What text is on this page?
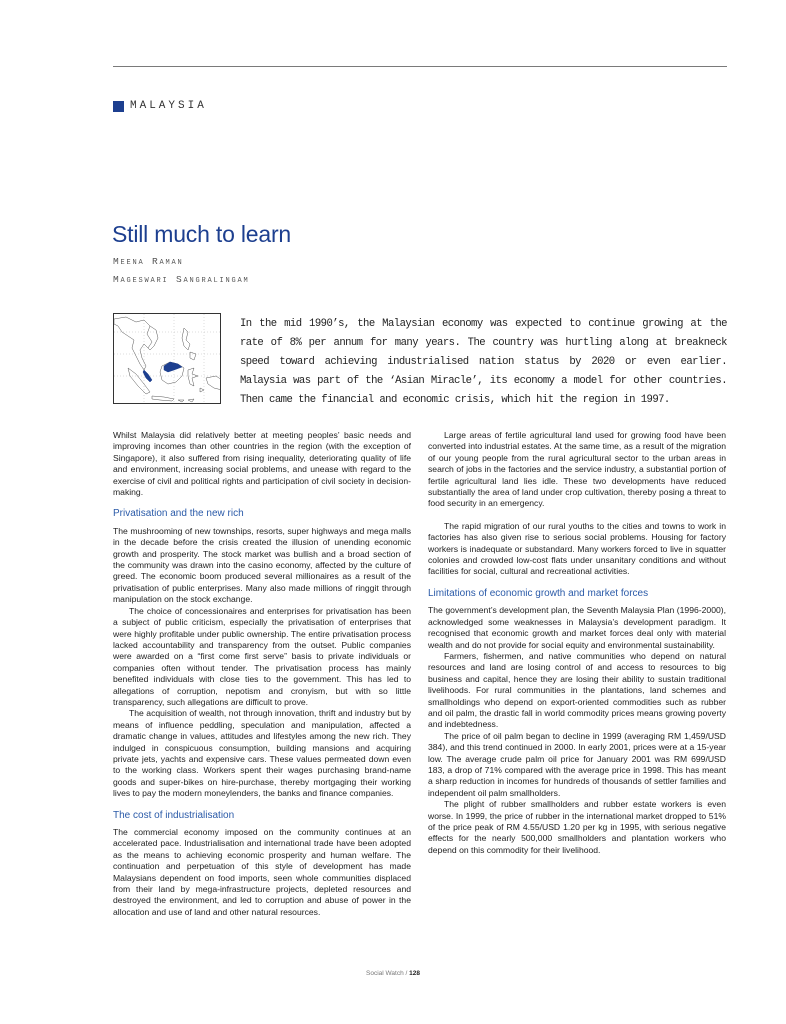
MALAYSIA
Still much to learn
Meena Raman
Mageswari Sangralingam

In the mid 1990’s, the Malaysian economy was expected to continue growing at the rate of 8% per annum for many years. The country was hurtling along at breakneck speed toward achieving industrialised nation status by 2020 or even earlier. Malaysia was part of the ‘Asian Miracle’, its economy a model for other countries. Then came the financial and economic crisis, which hit the region in 1997.

Whilst Malaysia did relatively better at meeting peoples’ basic needs and improving incomes than other countries in the region (with the exception of Singapore), it also suffered from rising inequality, deteriorating quality of life and environment, increasing social problems, and unease with regard to the exercise of civil and political rights and participation of civil society in decision-making.

Privatisation and the new rich

The mushrooming of new townships, resorts, super highways and mega malls in the decade before the crisis created the illusion of unending economic growth and prosperity. The stock market was bullish and a broad section of the community was drawn into the casino economy, affected by the culture of greed. The economic boom produced several millionaires as a result of the privatisation of public enterprises. Many also made millions of ringgit through manipulation on the stock exchange.

The choice of concessionaires and enterprises for privatisation has been a subject of public criticism, especially the privatisation of enterprises that were highly profitable under public ownership. The entire privatisation process lacked accountability and transparency from the outset. Public companies were awarded on a “first come first serve” basis to private individuals or companies often without tender. The privatisation process has mainly benefited individuals with close ties to the government. This has led to allegations of corruption, nepotism and cronyism, but with so little transparency, such allegations are difficult to prove.

The acquisition of wealth, not through innovation, thrift and industry but by means of influence peddling, speculation and manipulation, affected a dramatic change in values, attitudes and lifestyles among the new rich. They indulged in conspicuous consumption, building mansions and acquiring private jets, yachts and expensive cars. These values permeated down even to the working class. Workers spent their wages purchasing brand-name goods and super-bikes on hire-purchase, thereby mortgaging their working lives to pay the modern moneylenders, the banks and finance companies.

The cost of industrialisation

The commercial economy imposed on the community continues at an accelerated pace. Industrialisation and international trade have been adopted as the means to achieving economic prosperity and human welfare. The continuation and perpetuation of this style of development has made Malaysians dependent on food imports, seen whole communities displaced from their land by mega-infrastructure projects, depleted resources and destroyed the environment, and led to corruption and abuse of power in the allocation and use of land and other natural resources.

Large areas of fertile agricultural land used for growing food have been converted into industrial estates. At the same time, as a result of the migration of our young people from the rural agricultural sector to the urban areas in search of jobs in the factories and the service industry, a substantial portion of fertile agricultural land lies idle. These two developments have reduced substantially the area of land under crop cultivation, thereby posing a threat to food security in an emergency.

The rapid migration of our rural youths to the cities and towns to work in factories has also given rise to serious social problems. Housing for factory workers is inadequate or substandard. Many workers forced to live in squatter colonies and crowded low-cost flats under unsanitary conditions and without facilities for social, cultural and recreational activities.

Limitations of economic growth and market forces

The government’s development plan, the Seventh Malaysia Plan (1996-2000), acknowledged some weaknesses in Malaysia’s development paradigm. It recognised that economic growth and market forces deal only with material wealth and do not provide for social equity and environmental sustainability.

Farmers, fishermen, and native communities who depend on natural resources and land are losing control of and access to resources to big business and capital, hence they are losing their ability to sustain traditional livelihoods. For rural communities in the plantations, land schemes and smallholdings who depend on export-oriented commodities such as rubber and oil palm, the drastic fall in world commodity prices means growing poverty and indebtedness.

The price of oil palm began to decline in 1999 (averaging RM 1,459/USD 384), and this trend continued in 2000. In early 2001, prices were at a 15-year low. The average crude palm oil price for January 2001 was RM 699/USD 183, a drop of 71% compared with the average price in 1998. This has meant a sharp reduction in incomes for hundreds of thousands of settler families and independent oil palm smallholders.

The plight of rubber smallholders and rubber estate workers is even worse. In 1999, the price of rubber in the international market dropped to 51% of the price peak of RM 4.55/USD 1.20 per kg in 1995, with serious negative effects for the nearly 500,000 smallholders and plantation workers who depend on this commodity for their livelihood.

Social Watch / 128
